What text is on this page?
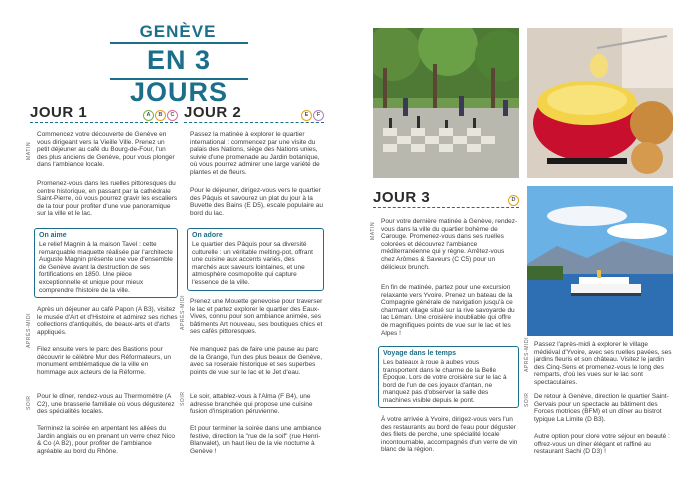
GENÈVE
EN 3 JOURS
JOUR 1	A B C
MATIN
APRÈS-MIDI
SOIR

Commencez votre découverte de Genève en vous dirigeant vers la Vieille Ville. Prenez un petit déjeuner au café du Bourg-de-Four, l'un des plus anciens de Genève, pour vous plonger dans l'ambiance locale.

Promenez-vous dans les ruelles pittoresques du centre historique, en passant par la cathédrale Saint-Pierre, où vous pourrez gravir les escaliers de la tour pour profiter d'une vue panoramique sur la ville et le lac.

On aime

Le relief Magnin à la maison Tavel : cette remarquable maquette réalisée par l'architecte Auguste Magnin présente une vue d'ensemble de Genève avant la destruction de ses fortifications en 1850. Une pièce exceptionnelle et unique pour mieux comprendre l'histoire de la ville.

Après un déjeuner au café Papon (A B3), visitez le musée d'Art et d'Histoire et admirez ses riches collections d'antiquités, de beaux-arts et d'arts appliqués.

Filez ensuite vers le parc des Bastions pour découvrir le célèbre Mur des Réformateurs, un monument emblématique de la ville en hommage aux acteurs de la Réforme.

Pour le dîner, rendez-vous au Thermomètre (A C2), une brasserie familiale où vous dégusterez des spécialités locales.

Terminez la soirée en arpentant les allées du Jardin anglais ou en prenant un verre chez Nico & Co (A B2), pour profiter de l'ambiance agréable au bord du Rhône.

JOUR 2	E F
APRÈS-MIDI
SOIR

Passez la matinée à explorer le quartier international : commencez par une visite du palais des Nations, siège des Nations unies, suivie d'une promenade au Jardin botanique, où vous pourrez admirer une large variété de plantes et de fleurs.

Pour le déjeuner, dirigez-vous vers le quartier des Pâquis et savourez un plat du jour à la Buvette des Bains (E D5), escale populaire au bord du lac.

On adore

Le quartier des Pâquis pour sa diversité culturelle : un véritable melting-pot, offrant une cuisine aux accents variés, des marchés aux saveurs lointaines, et une atmosphère cosmopolite qui capture l'essence de la ville.

Prenez une Mouette genevoise pour traverser le lac et partez explorer le quartier des Eaux-Vives, connu pour son ambiance animée, ses bâtiments Art nouveau, ses boutiques chics et ses cafés pittoresques.

Ne manquez pas de faire une pause au parc de la Grange, l'un des plus beaux de Genève, avec sa roseraie historique et ses superbes points de vue sur le lac et le Jet d'eau.

Le soir, attablez-vous à l'Alma (F B4), une adresse branchée qui propose une cuisine fusion d'inspiration péruvienne.

Et pour terminer la soirée dans une ambiance festive, direction la "rue de la soif" (rue Henri-Blanvalet), un haut lieu de la vie nocturne à Genève !

JOUR 3	D
MATIN
APRÈS-MIDI
SOIR

Pour votre dernière matinée à Genève, rendez-vous dans la ville du quartier bohème de Carouge. Promenez-vous dans ses ruelles colorées et découvrez l'ambiance méditerranéenne qui y règne. Arrêtez-vous chez Arômes & Saveurs (C C5) pour un délicieux brunch.

En fin de matinée, partez pour une excursion relaxante vers Yvoire. Prenez un bateau de la Compagnie générale de navigation jusqu'à ce charmant village situé sur la rive savoyarde du lac Léman. Une croisière inoubliable qui offre de magnifiques points de vue sur le lac et les Alpes !

Voyage dans le temps

Les bateaux à roue à aubes vous transportent dans le charme de la Belle Époque. Lors de votre croisière sur le lac à bord de l'un de ces joyaux d'antan, ne manquez pas d'observer la salle des machines visible depuis le pont.

À votre arrivée à Yvoire, dirigez-vous vers l'un des restaurants au bord de l'eau pour déguster des filets de perche, une spécialité locale incontournable, accompagnés d'un verre de vin blanc de la région.

Passez l'après-midi à explorer le village médiéval d'Yvoire, avec ses ruelles pavées, ses jardins fleuris et son château. Visitez le jardin des Cinq-Sens et promenez-vous le long des remparts, d'où les vues sur le lac sont spectaculaires.

De retour à Genève, direction le quartier Saint-Gervais pour un spectacle au bâtiment des Forces motrices (BFM) et un dîner au bistrot typique La Limite (D B3).

Autre option pour clore votre séjour en beauté : offrez-vous un dîner élégant et raffiné au restaurant Sachi (D D3) !
